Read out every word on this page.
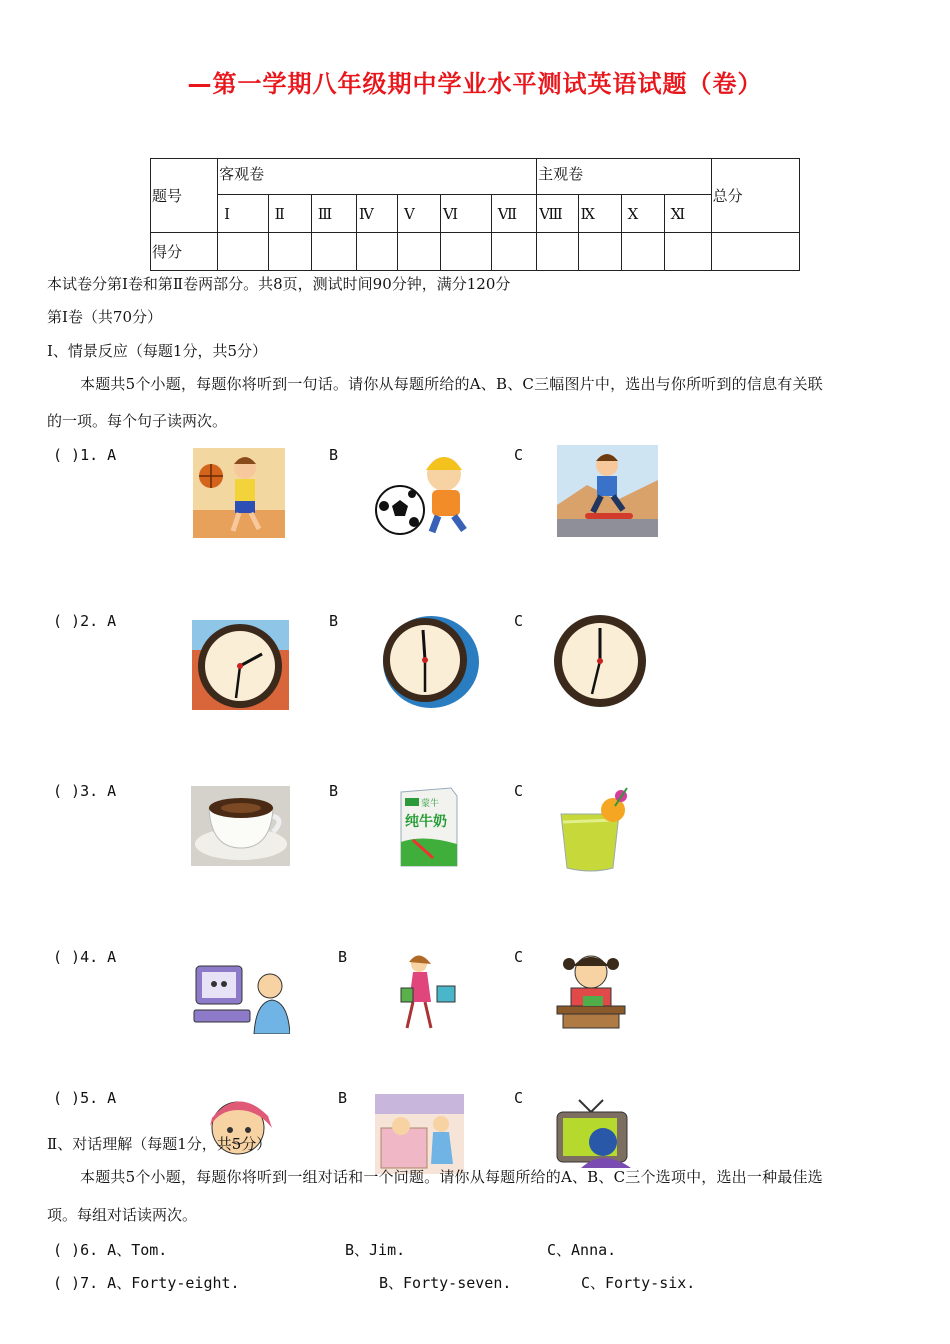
—第一学期八年级期中学业水平测试英语试题（卷）
题号	客观卷							主观卷				总分
	Ⅰ	Ⅱ	Ⅲ	Ⅳ	Ⅴ	Ⅵ	Ⅶ	Ⅷ	Ⅸ	Ⅹ	Ⅺ	
得分												
本试卷分第Ⅰ卷和第Ⅱ卷两部分。共8页，测试时间90分钟，满分120分
第Ⅰ卷（共70分）
Ⅰ、情景反应（每题1分，共5分）
本题共5个小题，每题你将听到一句话。请你从每题所给的A、B、C三幅图片中，选出与你所听到的信息有关联
的一项。每个句子读两次。
( )1. A	B	C
( )2. A	B	C
( )3. A	B	C
( )4. A	B	C
( )5. A	B	C
蒙牛
纯牛奶
Ⅱ、对话理解（每题1分，共5分）
本题共5个小题，每题你将听到一组对话和一个问题。请你从每题所给的A、B、C三个选项中，选出一种最佳选
项。每组对话读两次。
( )6. A、Tom.	B、Jim.	C、Anna.
( )7. A、Forty-eight.	B、Forty-seven.	C、Forty-six.
